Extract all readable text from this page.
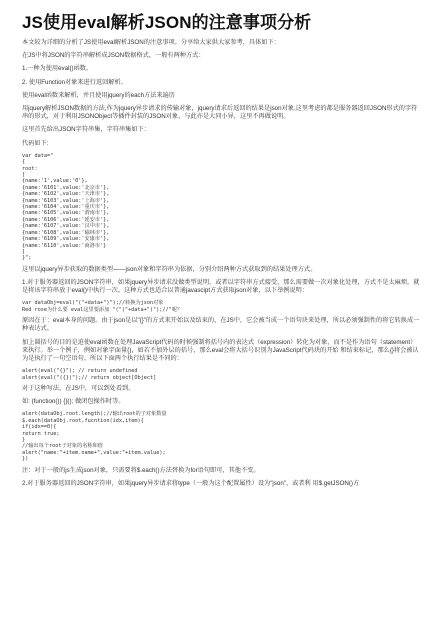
JS使用eval解析JSON的注意事项分析

本文较为详细的分析了JS使用eval解析JSON的注意事项。分享给大家供大家参考，具体如下：

在JS中将JSON的字符串解析成JSON数据格式，一般有两种方式：

1.一种为使用eval()函数。

2. 使用Function对象来进行返回解析。

使用eval函数来解析，并且使用jquery的each方法来遍历

用jquery解析JSON数据的方法,作为jquery异步请求的传输对象，jquery请求后返回的结果是json对象,这里考虑的都是服务器返回JSON形式的字符串的形式，对于利用JSONObject等插件封装的JSON对象，与此亦是大同小异，这里不再做说明。

这里首先给出JSON字符串集，字符串集如下：

代码如下:

var data="
{
root:
[
{name:'1',value:'0'},
{name:'6101',value:'北京市'},
{name:'6102',value:'天津市'},
{name:'6103',value:'上海市'},
{name:'6104',value:'重庆市'},
{name:'6105',value:'渭南市'},
{name:'6106',value:'延安市'},
{name:'6107',value:'汉中市'},
{name:'6108',value:'榆林市'},
{name:'6109',value:'安康市'},
{name:'6110',value:'商洛市'}
]
}";

这里以jquery异步获取的数据类型——json对象和字符串为依据，分别介绍两种方式获取到的结果处理方式。

1.对于服务器返回的JSON字符串，如果jquery异步请求没做类型说明，或者以字符串方式接受，那么需要做一次对象化处理，方式不是太麻烦，就是将该字符串放于eval()中执行一次。这种方式也适合以普通javascipt方式获取json对象，以下举例说明：

var dataObj=eval("("+data+")");//转换为json对象
Red rose为什么要 eval这里要添加 "("("+data+")");//"呢？

原因在于：eval本身的问题。由于json是以"{}"的方式来开始以及结束的，在JS中，它会被当成一个语句块来处理，所以必须强制性的将它转换成一种表达式。

加上圆括号的目的是迫使eval函数在处理JavaScript代码的时候强制将括号内的表达式（expression）转化为对象，而不是作为语句（statement）来执行。举一个例子，例如对象字面量{}，如若不加外层的括号，那么eval会将大括号识别为JavaScript代码块的开始 和结束标记，那么{}将会被认为是执行了一句空语句。所以下面两个执行结果是不同的：

alert(eval("{}"); // return undefined
alert(eval("({})");// return object[Object]

对于这种写法，在JS中，可以到处看到。

如: (function()) {}(); 做闭包操作时等。

alert(dataObj.root.length);//输出root的子对象数量
$.each(dataObj.root,fucntion(idx,item){
if(idx==0){
return true;
}
//输出每个root子对象的名称和值
alert("name:"+item.name+",value:"+item.value);
})

注：对于一般的js生成json对象，只需要将$.each()方法替换为for语句即可，其他不变。

2.对于服务器返回的JSON字符串，如果jquery异步请求将type（一般为这个配置属性）设为"json"，或者利 用$.getJSON()方
